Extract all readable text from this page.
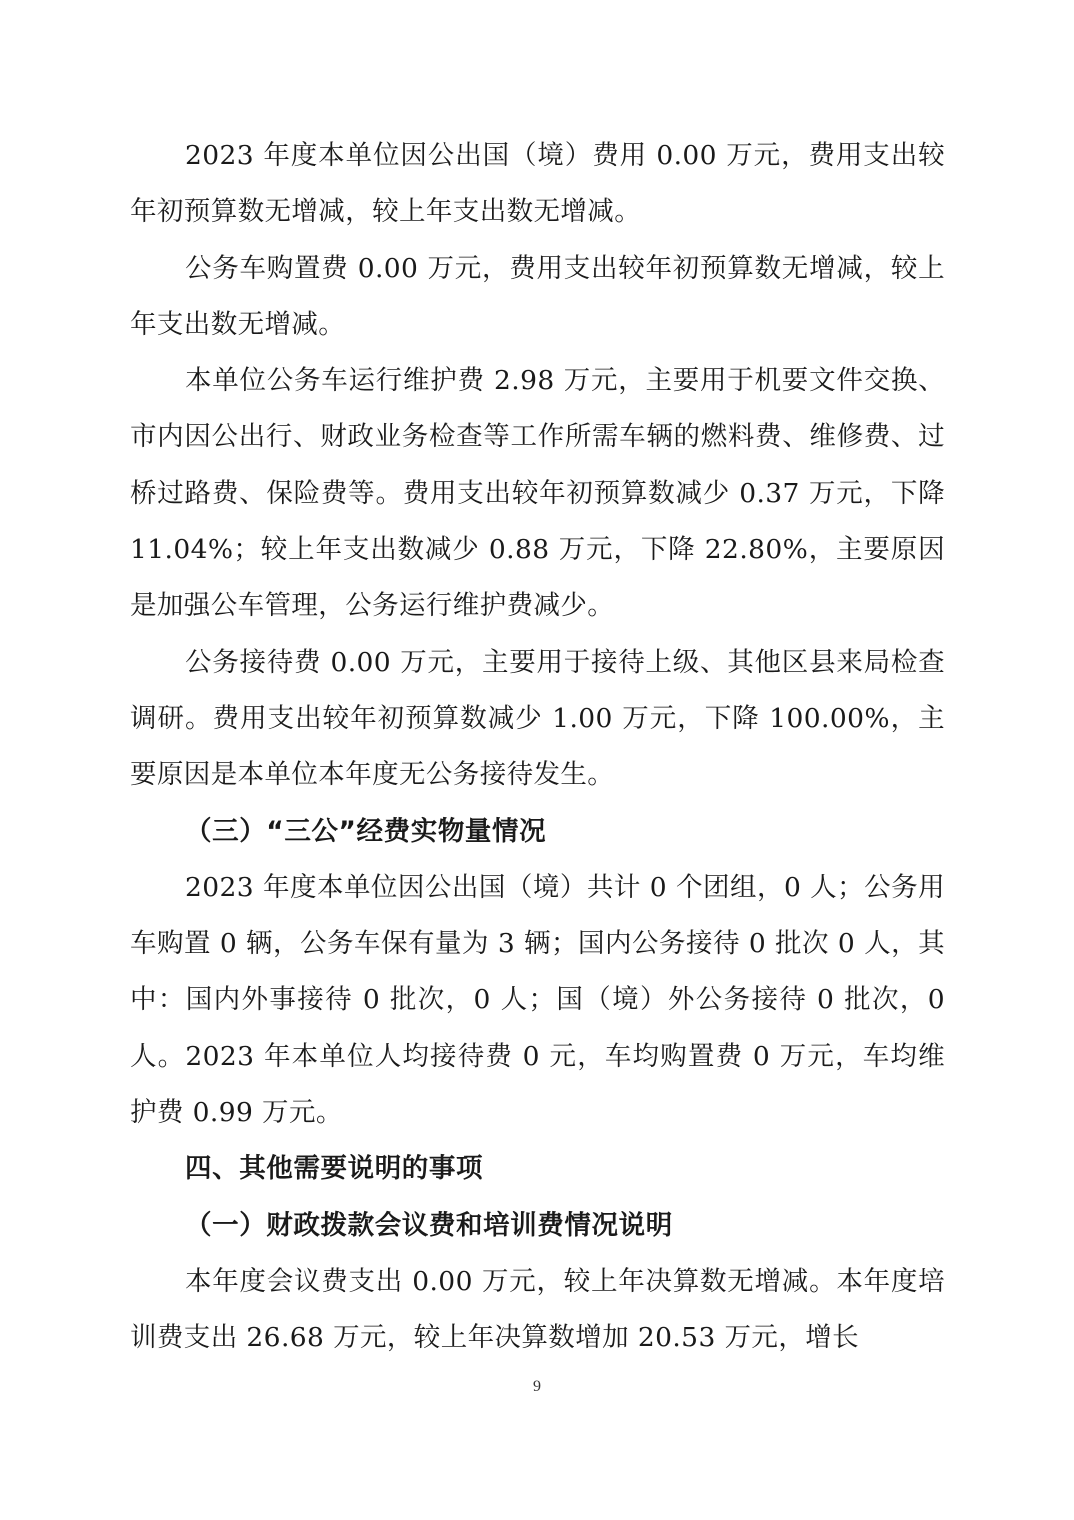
2023 年度本单位因公出国（境）费用 0.00 万元，费用支出较年初预算数无增减，较上年支出数无增减。

公务车购置费 0.00 万元，费用支出较年初预算数无增减，较上年支出数无增减。

本单位公务车运行维护费 2.98 万元，主要用于机要文件交换、市内因公出行、财政业务检查等工作所需车辆的燃料费、维修费、过桥过路费、保险费等。费用支出较年初预算数减少 0.37 万元，下降 11.04%；较上年支出数减少 0.88 万元，下降 22.80%，主要原因是加强公车管理，公务运行维护费减少。

公务接待费 0.00 万元，主要用于接待上级、其他区县来局检查调研。费用支出较年初预算数减少 1.00 万元，下降 100.00%，主要原因是本单位本年度无公务接待发生。

（三）“三公”经费实物量情况

2023 年度本单位因公出国（境）共计 0 个团组，0 人；公务用车购置 0 辆，公务车保有量为 3 辆；国内公务接待 0 批次 0 人，其中：国内外事接待 0 批次，0 人；国（境）外公务接待 0 批次，0 人。2023 年本单位人均接待费 0 元，车均购置费 0 万元，车均维护费 0.99 万元。

四、其他需要说明的事项

（一）财政拨款会议费和培训费情况说明

本年度会议费支出 0.00 万元，较上年决算数无增减。本年度培训费支出 26.68 万元，较上年决算数增加 20.53 万元，增长

9
